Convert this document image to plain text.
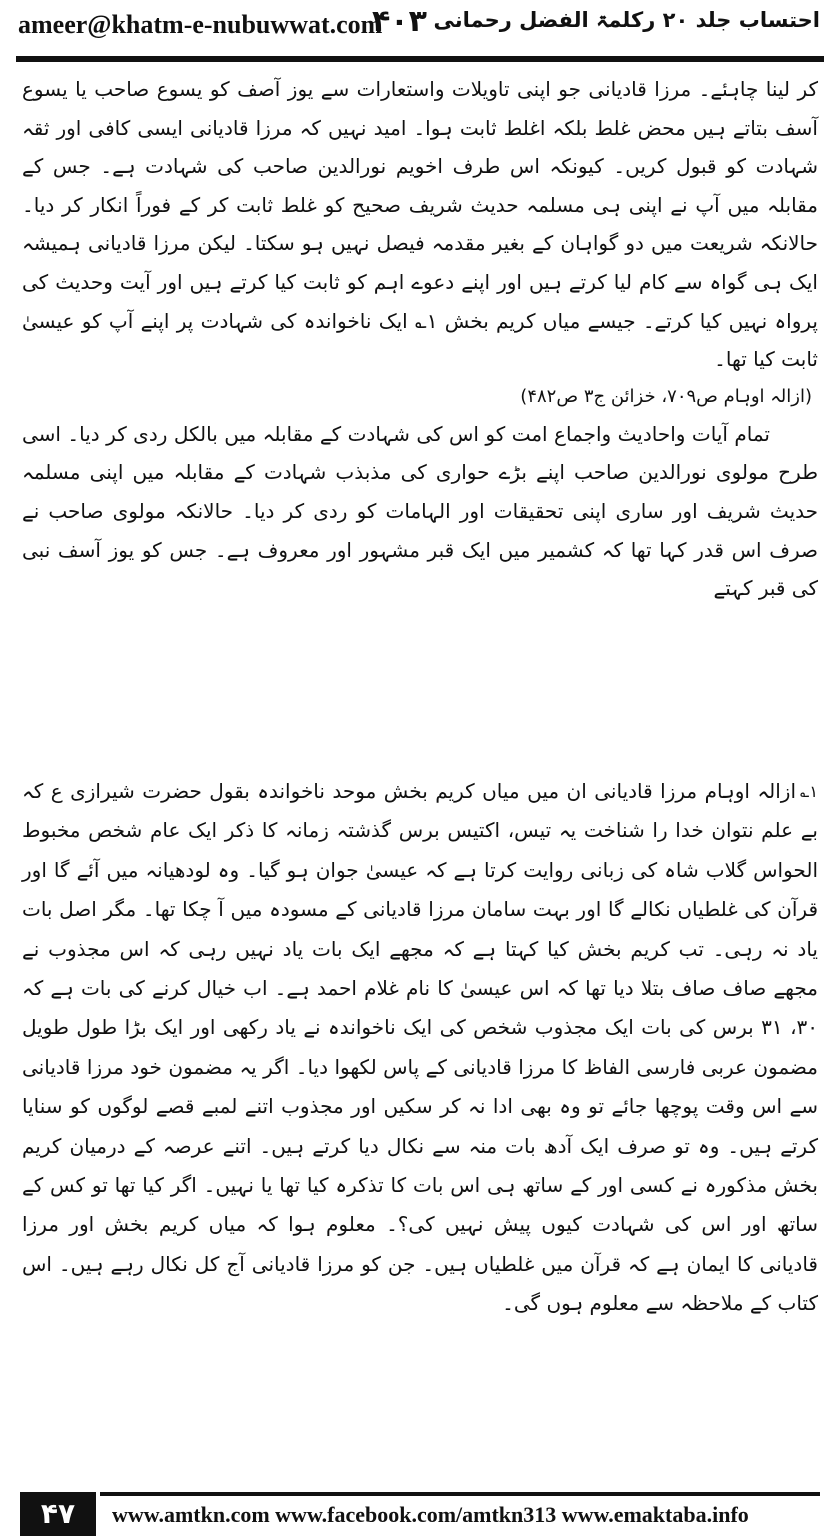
ameer@khatm-e-nubuwwat.com
۴۰۳ احتساب جلد ۲۰ رکلمۃ الفضل رحمانی

کر لینا چاہئے۔ مرزا قادیانی جو اپنی تاویلات واستعارات سے یوز آصف کو یسوع صاحب یا یسوع آسف بتاتے ہیں محض غلط بلکہ اغلط ثابت ہوا۔ امید نہیں کہ مرزا قادیانی ایسی کافی اور ثقہ شہادت کو قبول کریں۔ کیونکہ اس طرف اخویم نورالدین صاحب کی شہادت ہے۔ جس کے مقابلہ میں آپ نے اپنی ہی مسلمہ حدیث شریف صحیح کو غلط ثابت کر کے فوراً انکار کر دیا۔ حالانکہ شریعت میں دو گواہان کے بغیر مقدمہ فیصل نہیں ہو سکتا۔ لیکن مرزا قادیانی ہمیشہ ایک ہی گواہ سے کام لیا کرتے ہیں اور اپنے دعوے اہم کو ثابت کیا کرتے ہیں اور آیت وحدیث کی پرواہ نہیں کیا کرتے۔ جیسے میاں کریم بخش ۱؎ ایک ناخواندہ کی شہادت پر اپنے آپ کو عیسیٰ ثابت کیا تھا۔

(ازالہ اوہام ص۷۰۹، خزائن ج۳ ص۴۸۲)

تمام آیات واحادیث واجماع امت کو اس کی شہادت کے مقابلہ میں بالکل ردی کر دیا۔ اسی طرح مولوی نورالدین صاحب اپنے بڑے حواری کی مذبذب شہادت کے مقابلہ میں اپنی مسلمہ حدیث شریف اور ساری اپنی تحقیقات اور الہامات کو ردی کر دیا۔ حالانکہ مولوی صاحب نے صرف اس قدر کہا تھا کہ کشمیر میں ایک قبر مشہور اور معروف ہے۔ جس کو یوز آسف نبی کی قبر کہتے

$^{۱؎}$ازالہ اوہام مرزا قادیانی ان میں میاں کریم بخش موحد ناخواندہ بقول حضرت شیرازی ع کہ بے علم نتوان خدا را شناخت یہ تیس، اکتیس برس گذشتہ زمانہ کا ذکر ایک عام شخص مخبوط الحواس گلاب شاہ کی زبانی روایت کرتا ہے کہ عیسیٰ جوان ہو گیا۔ وہ لودھیانہ میں آئے گا اور قرآن کی غلطیاں نکالے گا اور بہت سامان مرزا قادیانی کے مسودہ میں آ چکا تھا۔ مگر اصل بات یاد نہ رہی۔ تب کریم بخش کیا کہتا ہے کہ مجھے ایک بات یاد نہیں رہی کہ اس مجذوب نے مجھے صاف صاف بتلا دیا تھا کہ اس عیسیٰ کا نام غلام احمد ہے۔ اب خیال کرنے کی بات ہے کہ ۳۰، ۳۱ برس کی بات ایک مجذوب شخص کی ایک ناخواندہ نے یاد رکھی اور ایک بڑا طول طویل مضمون عربی فارسی الفاظ کا مرزا قادیانی کے پاس لکھوا دیا۔ اگر یہ مضمون خود مرزا قادیانی سے اس وقت پوچھا جائے تو وہ بھی ادا نہ کر سکیں اور مجذوب اتنے لمبے قصے لوگوں کو سنایا کرتے ہیں۔ وہ تو صرف ایک آدھ بات منہ سے نکال دیا کرتے ہیں۔ اتنے عرصہ کے درمیان کریم بخش مذکورہ نے کسی اور کے ساتھ ہی اس بات کا تذکرہ کیا تھا یا نہیں۔ اگر کیا تھا تو کس کے ساتھ اور اس کی شہادت کیوں پیش نہیں کی؟۔ معلوم ہوا کہ میاں کریم بخش اور مرزا قادیانی کا ایمان ہے کہ قرآن میں غلطیاں ہیں۔ جن کو مرزا قادیانی آج کل نکال رہے ہیں۔ اس کتاب کے ملاحظہ سے معلوم ہوں گی۔

۴۷	www.amtkn.com www.facebook.com/amtkn313 www.emaktaba.info
